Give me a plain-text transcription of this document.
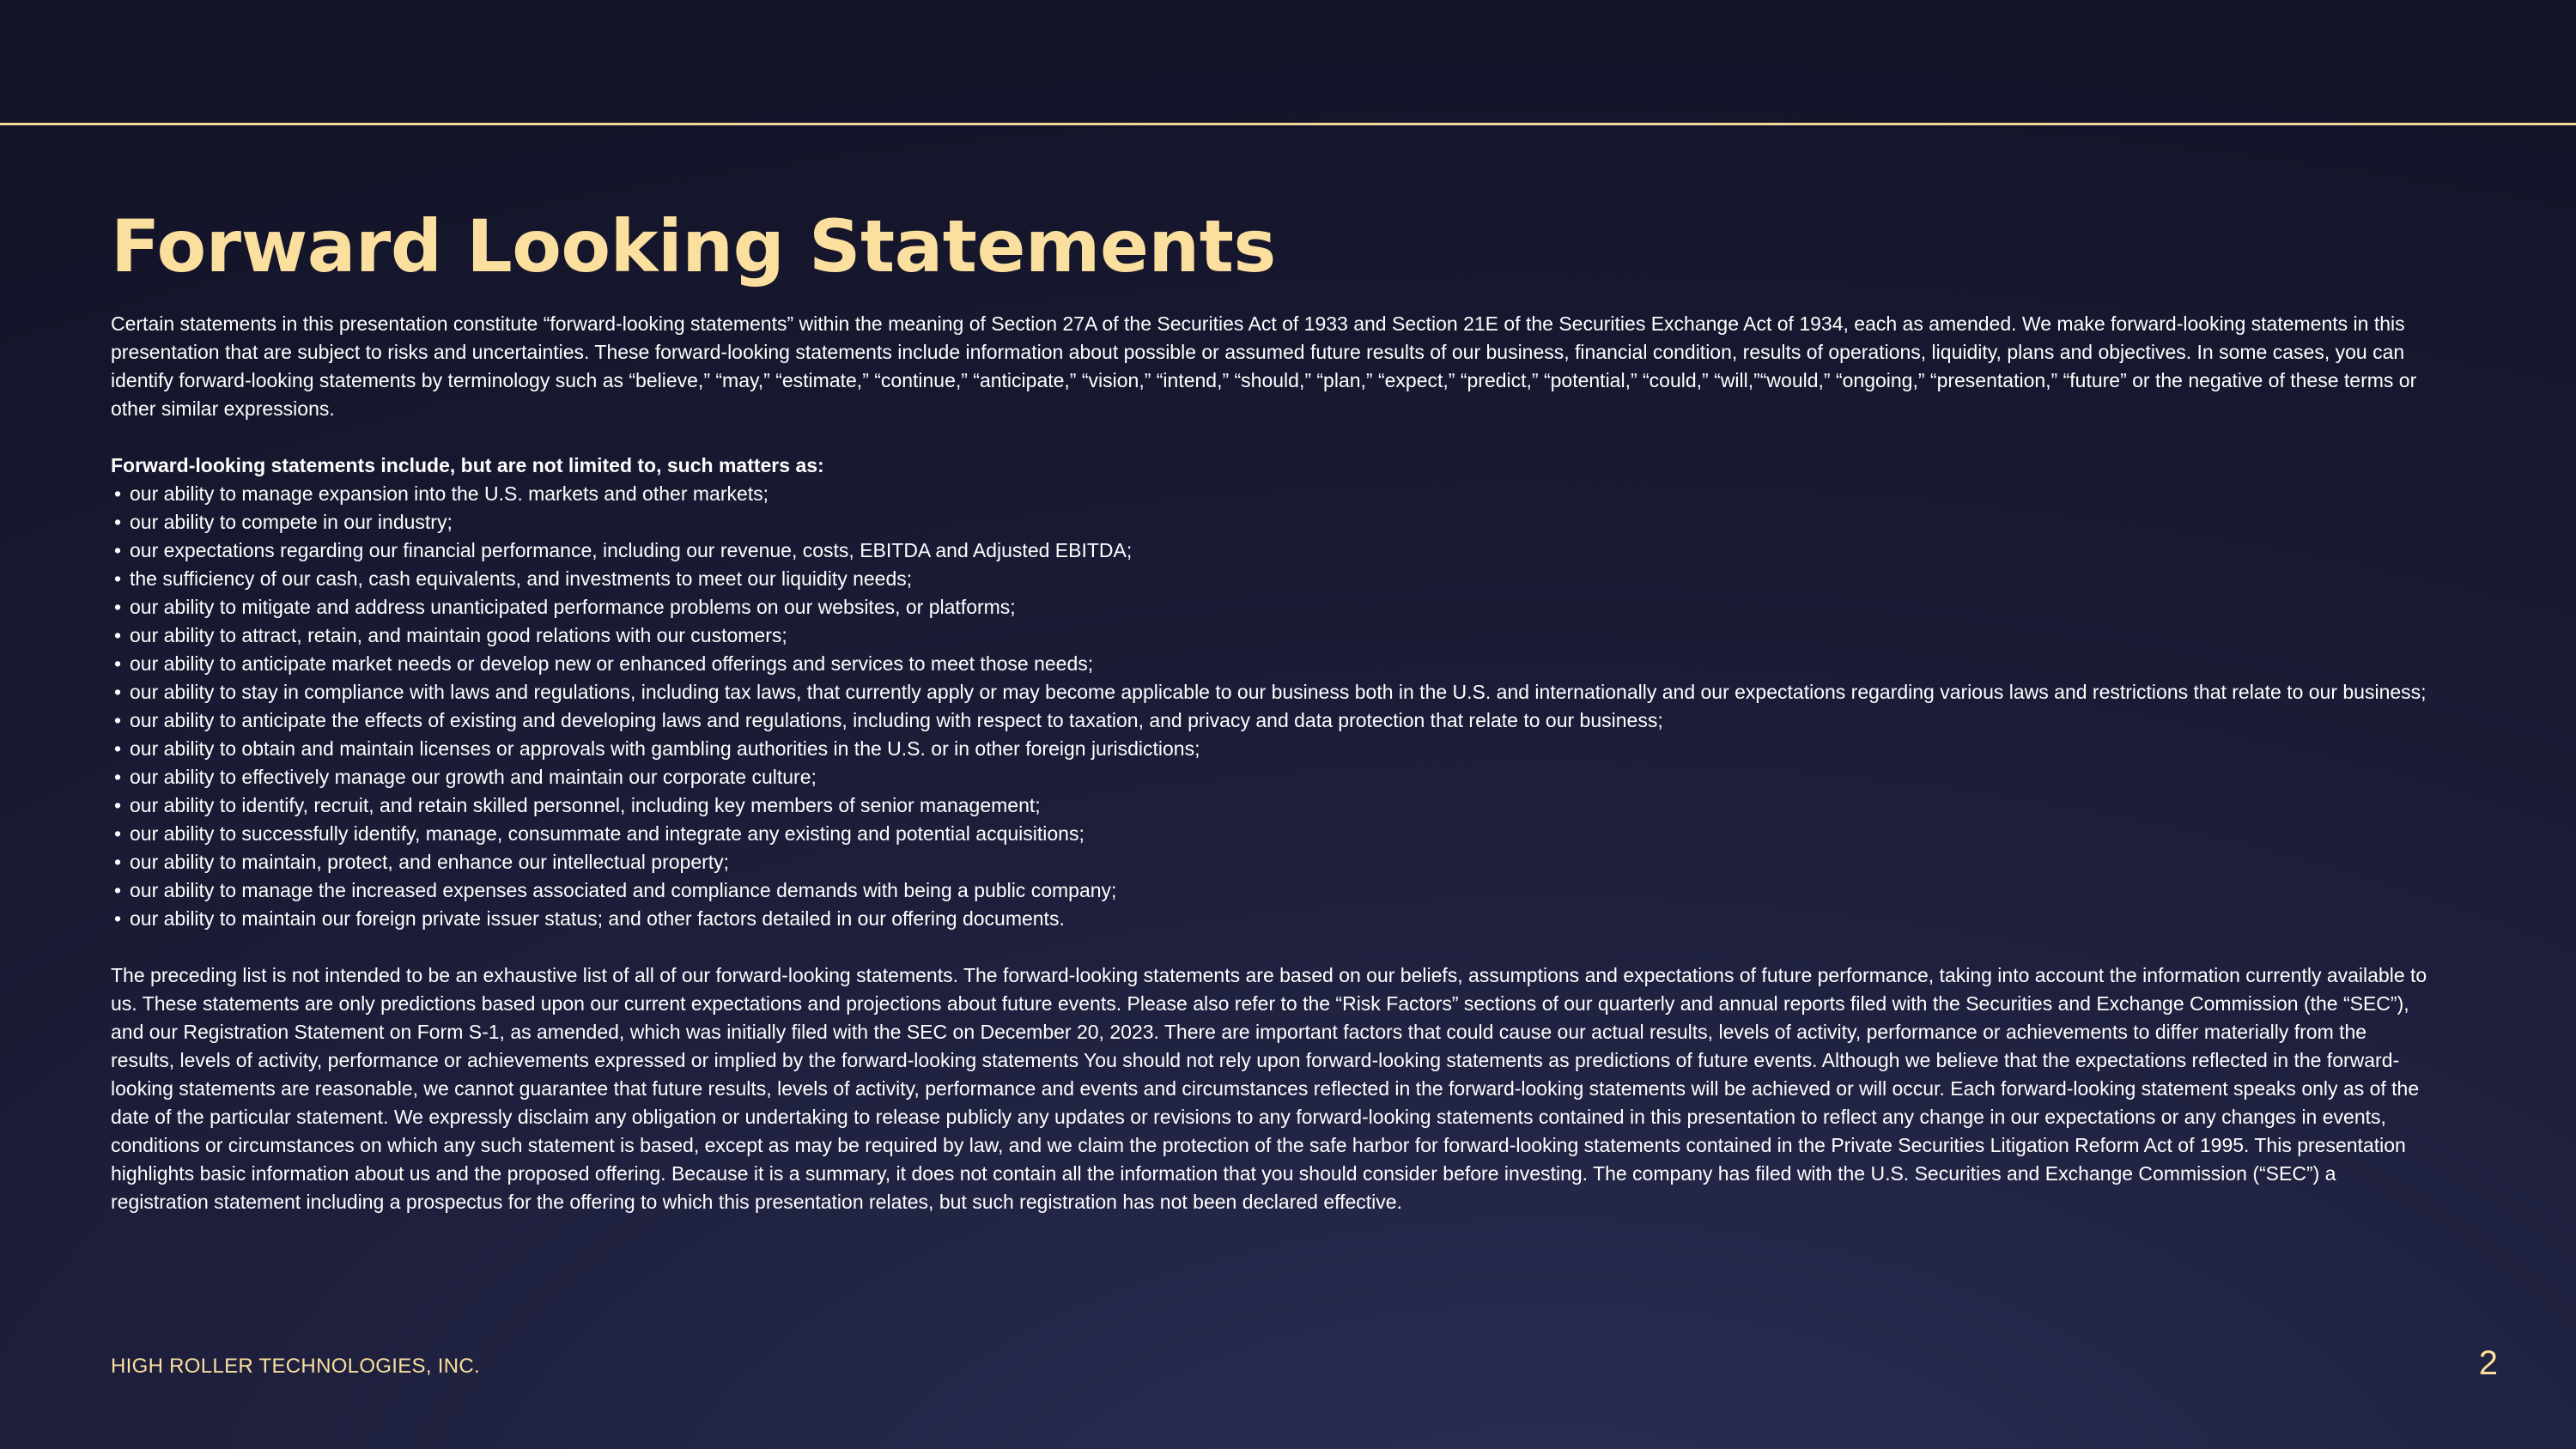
Forward Looking Statements

Certain statements in this presentation constitute “forward-looking statements” within the meaning of Section 27A of the Securities Act of 1933 and Section 21E of the Securities Exchange Act of 1934, each as amended. We make forward-looking statements in this presentation that are subject to risks and uncertainties. These forward-looking statements include information about possible or assumed future results of our business, financial condition, results of operations, liquidity, plans and objectives. In some cases, you can identify forward-looking statements by terminology such as “believe,” “may,” “estimate,” “continue,” “anticipate,” “vision,” “intend,” “should,” “plan,” “expect,” “predict,” “potential,” “could,” “will,”“would,” “ongoing,” “presentation,” “future” or the negative of these terms or other similar expressions.

Forward-looking statements include, but are not limited to, such matters as:

• our ability to manage expansion into the U.S. markets and other markets;
• our ability to compete in our industry;
• our expectations regarding our financial performance, including our revenue, costs, EBITDA and Adjusted EBITDA;
• the sufficiency of our cash, cash equivalents, and investments to meet our liquidity needs;
• our ability to mitigate and address unanticipated performance problems on our websites, or platforms;
• our ability to attract, retain, and maintain good relations with our customers;
• our ability to anticipate market needs or develop new or enhanced offerings and services to meet those needs;
• our ability to stay in compliance with laws and regulations, including tax laws, that currently apply or may become applicable to our business both in the U.S. and internationally and our expectations regarding various laws and restrictions that relate to our business;
• our ability to anticipate the effects of existing and developing laws and regulations, including with respect to taxation, and privacy and data protection that relate to our business;
• our ability to obtain and maintain licenses or approvals with gambling authorities in the U.S. or in other foreign jurisdictions;
• our ability to effectively manage our growth and maintain our corporate culture;
• our ability to identify, recruit, and retain skilled personnel, including key members of senior management;
• our ability to successfully identify, manage, consummate and integrate any existing and potential acquisitions;
• our ability to maintain, protect, and enhance our intellectual property;
• our ability to manage the increased expenses associated and compliance demands with being a public company;
• our ability to maintain our foreign private issuer status; and other factors detailed in our offering documents.

The preceding list is not intended to be an exhaustive list of all of our forward-looking statements. The forward-looking statements are based on our beliefs, assumptions and expectations of future performance, taking into account the information currently available to us. These statements are only predictions based upon our current expectations and projections about future events. Please also refer to the “Risk Factors” sections of our quarterly and annual reports filed with the Securities and Exchange Commission (the “SEC”), and our Registration Statement on Form S-1, as amended, which was initially filed with the SEC on December 20, 2023. There are important factors that could cause our actual results, levels of activity, performance or achievements to differ materially from the results, levels of activity, performance or achievements expressed or implied by the forward-looking statements You should not rely upon forward-looking statements as predictions of future events. Although we believe that the expectations reflected in the forward-looking statements are reasonable, we cannot guarantee that future results, levels of activity, performance and events and circumstances reflected in the forward-looking statements will be achieved or will occur. Each forward-looking statement speaks only as of the date of the particular statement. We expressly disclaim any obligation or undertaking to release publicly any updates or revisions to any forward-looking statements contained in this presentation to reflect any change in our expectations or any changes in events, conditions or circumstances on which any such statement is based, except as may be required by law, and we claim the protection of the safe harbor for forward-looking statements contained in the Private Securities Litigation Reform Act of 1995. This presentation highlights basic information about us and the proposed offering. Because it is a summary, it does not contain all the information that you should consider before investing. The company has filed with the U.S. Securities and Exchange Commission (“SEC”) a registration statement including a prospectus for the offering to which this presentation relates, but such registration has not been declared effective.

HIGH ROLLER TECHNOLOGIES, INC.	2
